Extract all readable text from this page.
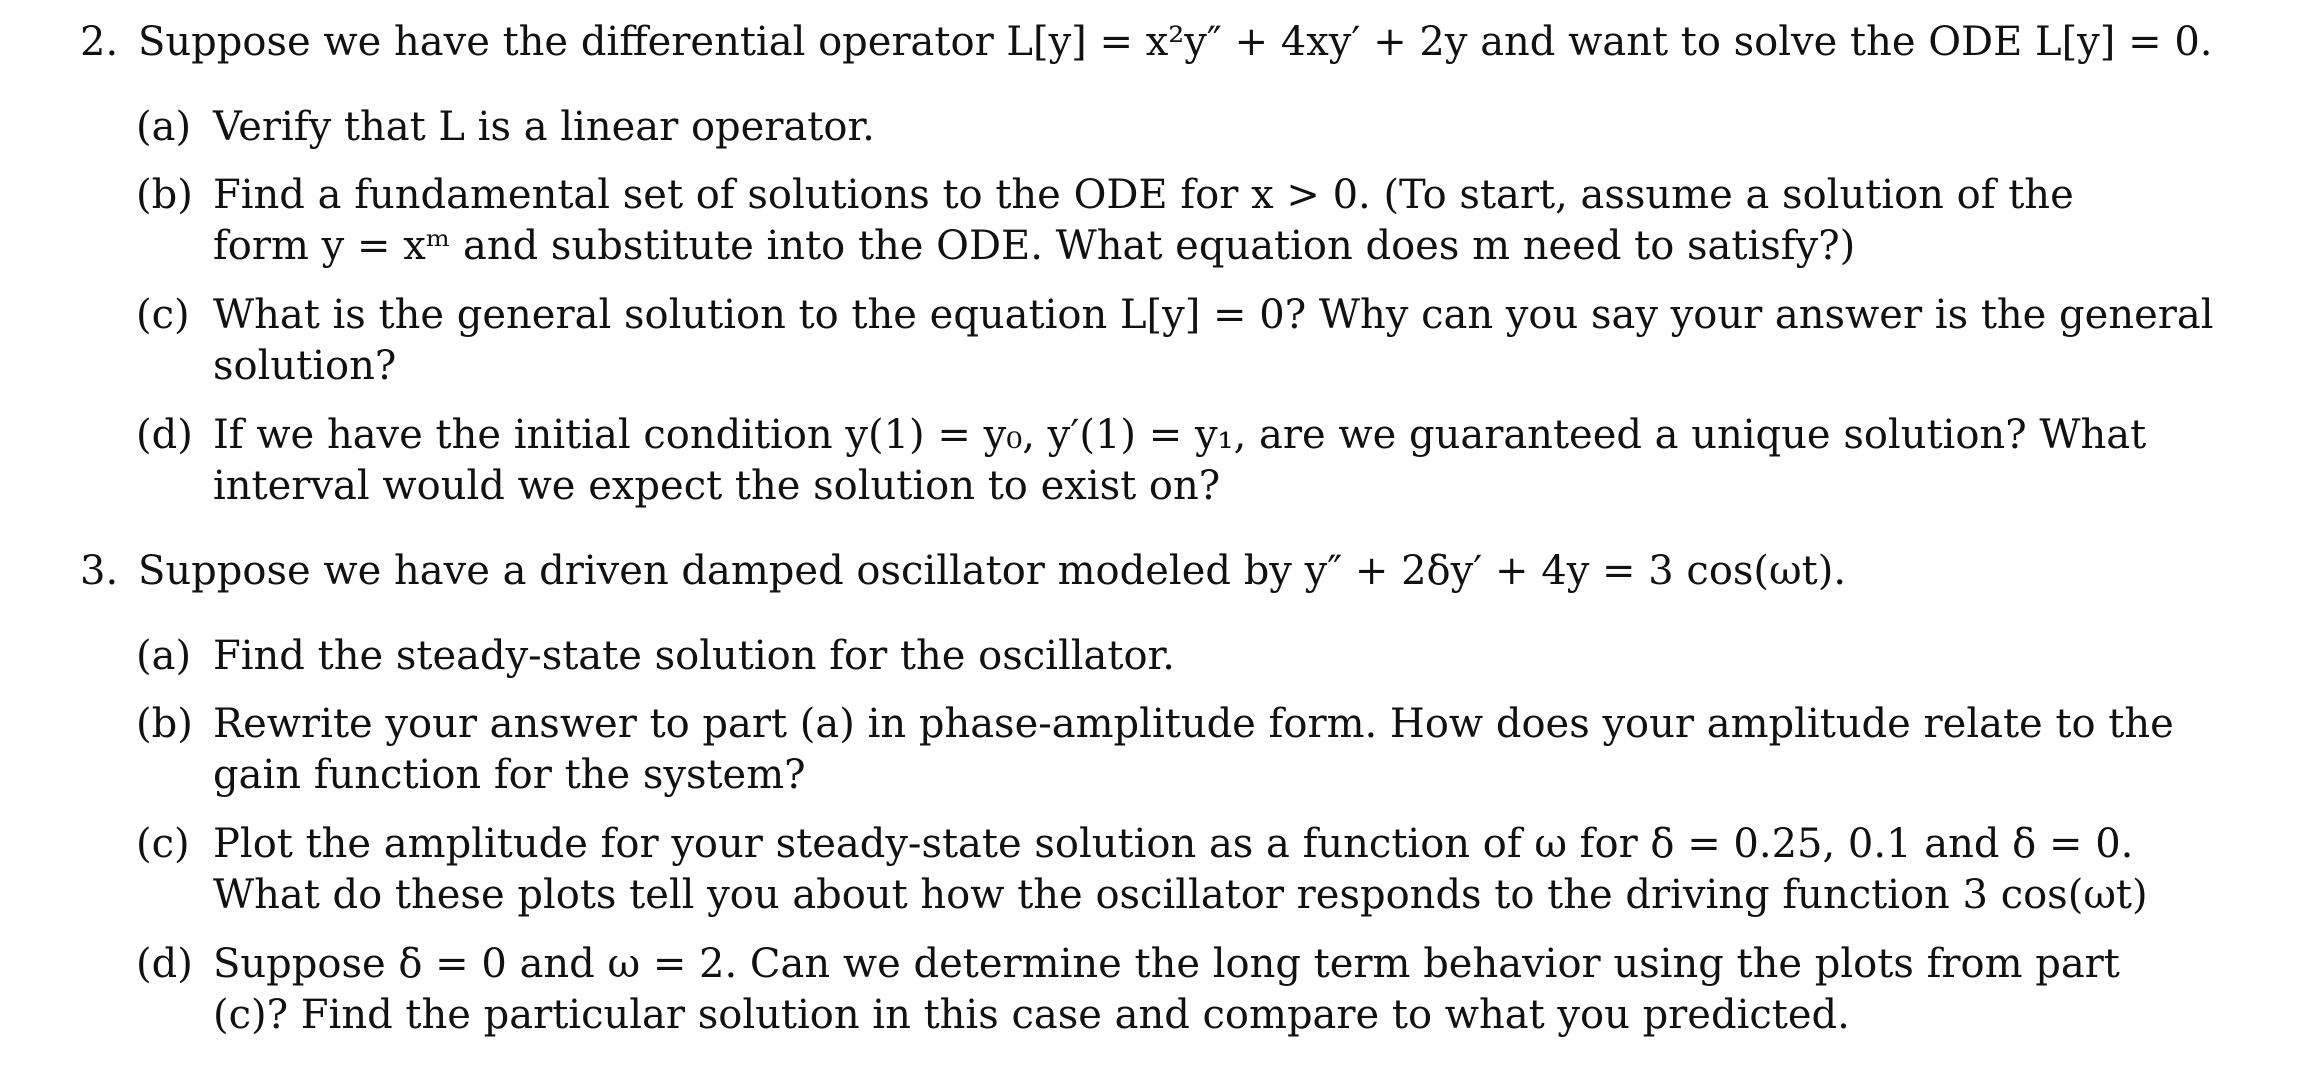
2. Suppose we have the differential operator L[y] = x²y″ + 4xy′ + 2y and want to solve the ODE L[y] = 0.
(a) Verify that L is a linear operator.
(b) Find a fundamental set of solutions to the ODE for x > 0. (To start, assume a solution of the
form y = xᵐ and substitute into the ODE. What equation does m need to satisfy?)
(c) What is the general solution to the equation L[y] = 0? Why can you say your answer is the general
solution?
(d) If we have the initial condition y(1) = y₀, y′(1) = y₁, are we guaranteed a unique solution? What
interval would we expect the solution to exist on?
3. Suppose we have a driven damped oscillator modeled by y″ + 2δy′ + 4y = 3 cos(ωt).
(a) Find the steady-state solution for the oscillator.
(b) Rewrite your answer to part (a) in phase-amplitude form. How does your amplitude relate to the
gain function for the system?
(c) Plot the amplitude for your steady-state solution as a function of ω for δ = 0.25, 0.1 and δ = 0.
What do these plots tell you about how the oscillator responds to the driving function 3 cos(ωt)
(d) Suppose δ = 0 and ω = 2. Can we determine the long term behavior using the plots from part
(c)? Find the particular solution in this case and compare to what you predicted.
